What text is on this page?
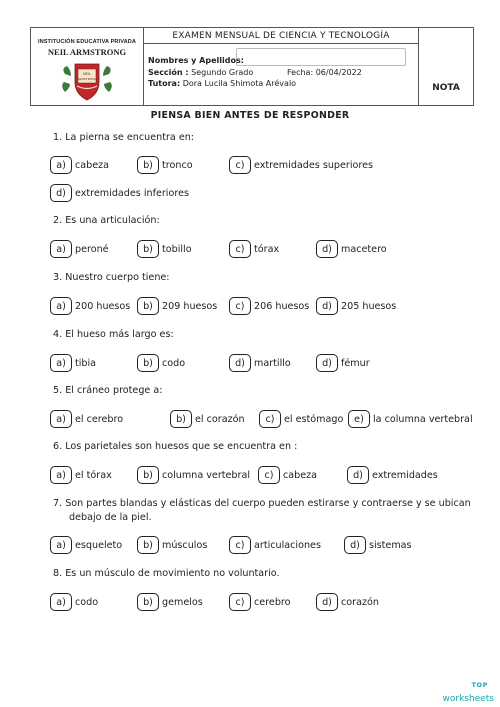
INSTITUCIÓN EDUCATIVA PRIVADA
NEIL ARMSTRONG
NEIL
ARMSTRONG
EXAMEN MENSUAL DE CIENCIA Y TECNOLOGÍA
Nombres y Apellidos:
Sección : Segundo Grado	Fecha: 06/04/2022
Tutora: Dora Lucila Shimota Arévalo	NOTA
PIENSA BIEN ANTES DE RESPONDER
1. La pierna se encuentra en:
a) cabeza	b) tronco	c) extremidades superiores
d) extremidades inferiores
2. Es una articulación:
a) peroné	b) tobillo	c) tórax	d) macetero
3. Nuestro cuerpo tiene:
a) 200 huesos	b) 209 huesos	c) 206 huesos	d) 205 huesos
4. El hueso más largo es:
a) tibia	b) codo	d) martillo	d) fémur
5. El cráneo protege a:
a) el cerebro	b) el corazón	c) el estómago	e) la columna vertebral
6. Los parietales son huesos que se encuentra en :
a) el tórax	b) columna vertebral	c) cabeza	d) extremidades
7. Son partes blandas y elásticas del cuerpo pueden estirarse y contraerse y se ubican
debajo de la piel.
a) esqueleto	b) músculos	c) articulaciones	d) sistemas
8. Es un músculo de movimiento no voluntario.
a) codo	b) gemelos	c) cerebro	d) corazón
TOP
worksheets
